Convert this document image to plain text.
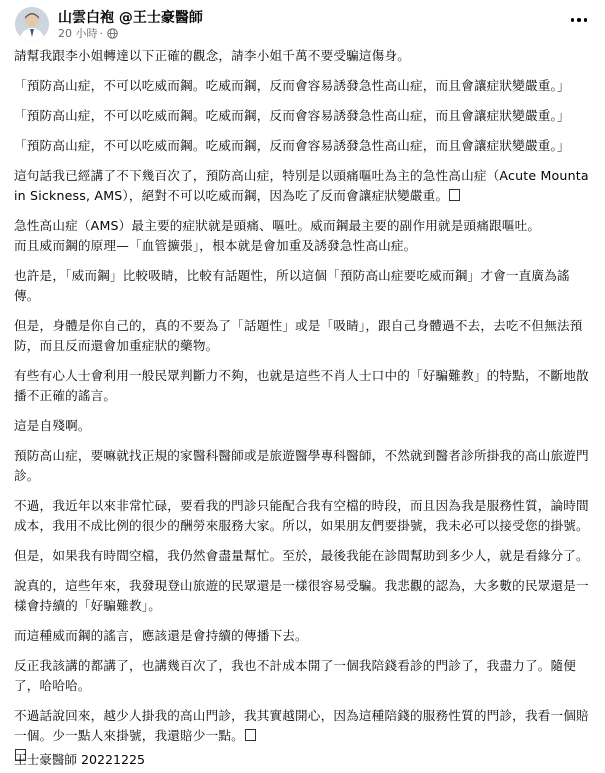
山雲白袍 @王士豪醫師
20 小時 ·

請幫我跟李小姐轉達以下正確的觀念，請李小姐千萬不要受騙這傷身。

「預防高山症，不可以吃威而鋼。吃威而鋼，反而會容易誘發急性高山症，而且會讓症狀變嚴重。」

「預防高山症，不可以吃威而鋼。吃威而鋼，反而會容易誘發急性高山症，而且會讓症狀變嚴重。」

「預防高山症，不可以吃威而鋼。吃威而鋼，反而會容易誘發急性高山症，而且會讓症狀變嚴重。」

這句話我已經講了不下幾百次了，預防高山症，特別是以頭痛嘔吐為主的急性高山症（Acute Mountain Sickness, AMS），絕對不可以吃威而鋼，因為吃了反而會讓症狀變嚴重。

急性高山症（AMS）最主要的症狀就是頭痛、嘔吐。威而鋼最主要的副作用就是頭痛跟嘔吐。

而且威而鋼的原理—「血管擴張」，根本就是會加重及誘發急性高山症。

也許是，「威而鋼」比較吸睛，比較有話題性，所以這個「預防高山症要吃威而鋼」才會一直廣為謠傳。

但是，身體是你自己的，真的不要為了「話題性」或是「吸睛」，跟自己身體過不去，去吃不但無法預防，而且反而還會加重症狀的藥物。

有些有心人士會利用一般民眾判斷力不夠，也就是這些不肖人士口中的「好騙難教」的特點，不斷地散播不正確的謠言。

這是自殘啊。

預防高山症，要嘛就找正規的家醫科醫師或是旅遊醫學專科醫師，不然就到醫者診所掛我的高山旅遊門診。

不過，我近年以來非常忙碌，要看我的門診只能配合我有空檔的時段，而且因為我是服務性質，論時間成本，我用不成比例的很少的酬勞來服務大家。所以，如果朋友們要掛號，我未必可以接受您的掛號。

但是，如果我有時間空檔，我仍然會盡量幫忙。至於，最後我能在診間幫助到多少人，就是看緣分了。

說真的，這些年來，我發現登山旅遊的民眾還是一樣很容易受騙。我悲觀的認為，大多數的民眾還是一樣會持續的「好騙難教」。

而這種威而鋼的謠言，應該還是會持續的傳播下去。

反正我該講的都講了，也講幾百次了，我也不計成本開了一個我陪錢看診的門診了，我盡力了。隨便了，哈哈哈。

不過話說回來，越少人掛我的高山門診，我其實越開心，因為這種陪錢的服務性質的門診，我看一個賠一個。少一點人來掛號，我還賠少一點。

王士豪醫師 20221225
